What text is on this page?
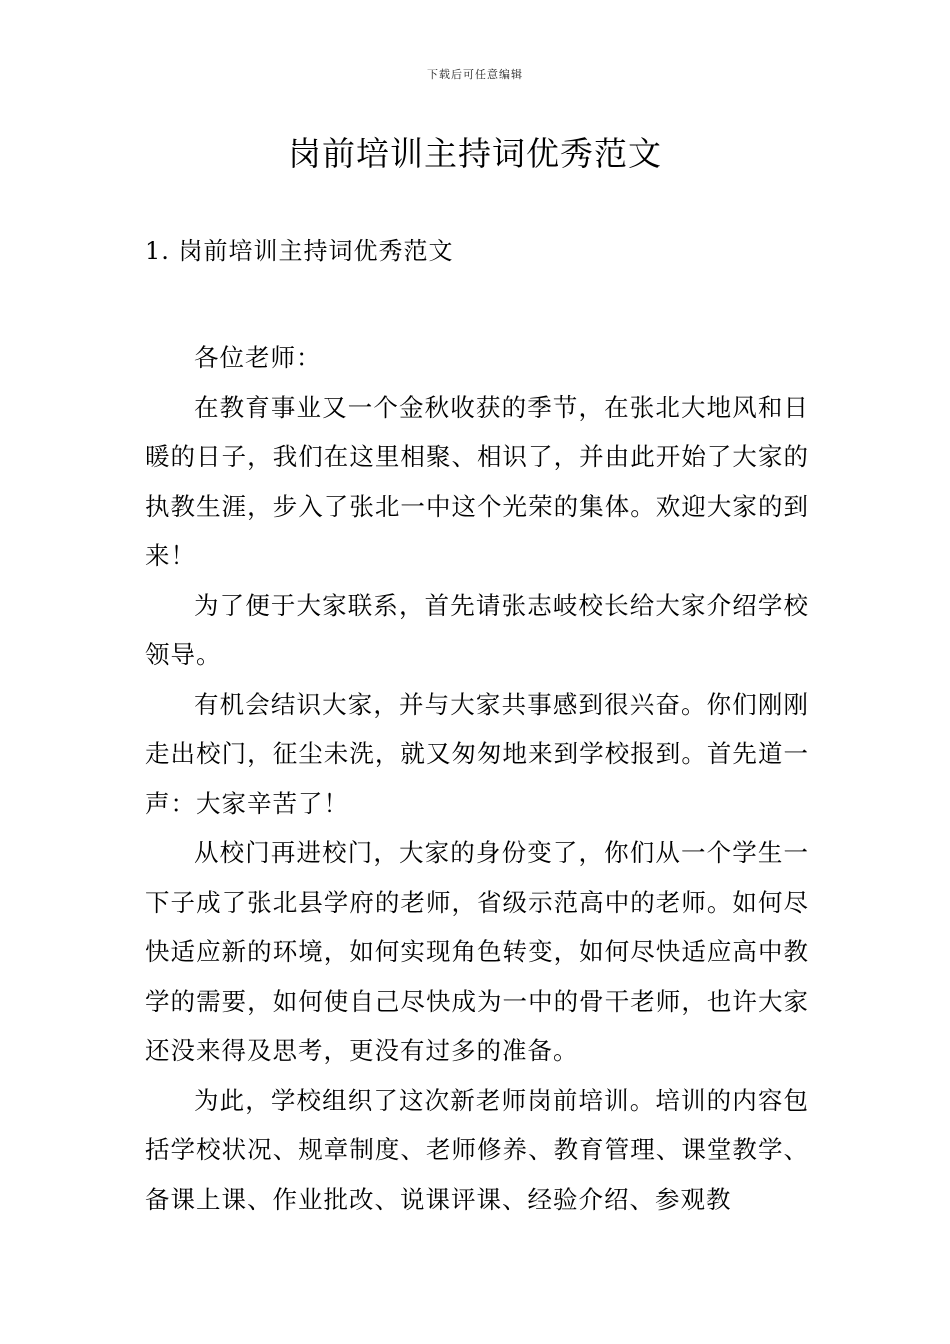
下载后可任意编辑
岗前培训主持词优秀范文
1. 岗前培训主持词优秀范文

各位老师：

在教育事业又一个金秋收获的季节，在张北大地风和日暖的日子，我们在这里相聚、相识了，并由此开始了大家的执教生涯，步入了张北一中这个光荣的集体。欢迎大家的到来！

为了便于大家联系，首先请张志岐校长给大家介绍学校领导。

有机会结识大家，并与大家共事感到很兴奋。你们刚刚走出校门，征尘未洗，就又匆匆地来到学校报到。首先道一声：大家辛苦了！

从校门再进校门，大家的身份变了，你们从一个学生一下子成了张北县学府的老师，省级示范高中的老师。如何尽快适应新的环境，如何实现角色转变，如何尽快适应高中教学的需要，如何使自己尽快成为一中的骨干老师，也许大家还没来得及思考，更没有过多的准备。

为此，学校组织了这次新老师岗前培训。培训的内容包括学校状况、规章制度、老师修养、教育管理、课堂教学、备课上课、作业批改、说课评课、经验介绍、参观教
